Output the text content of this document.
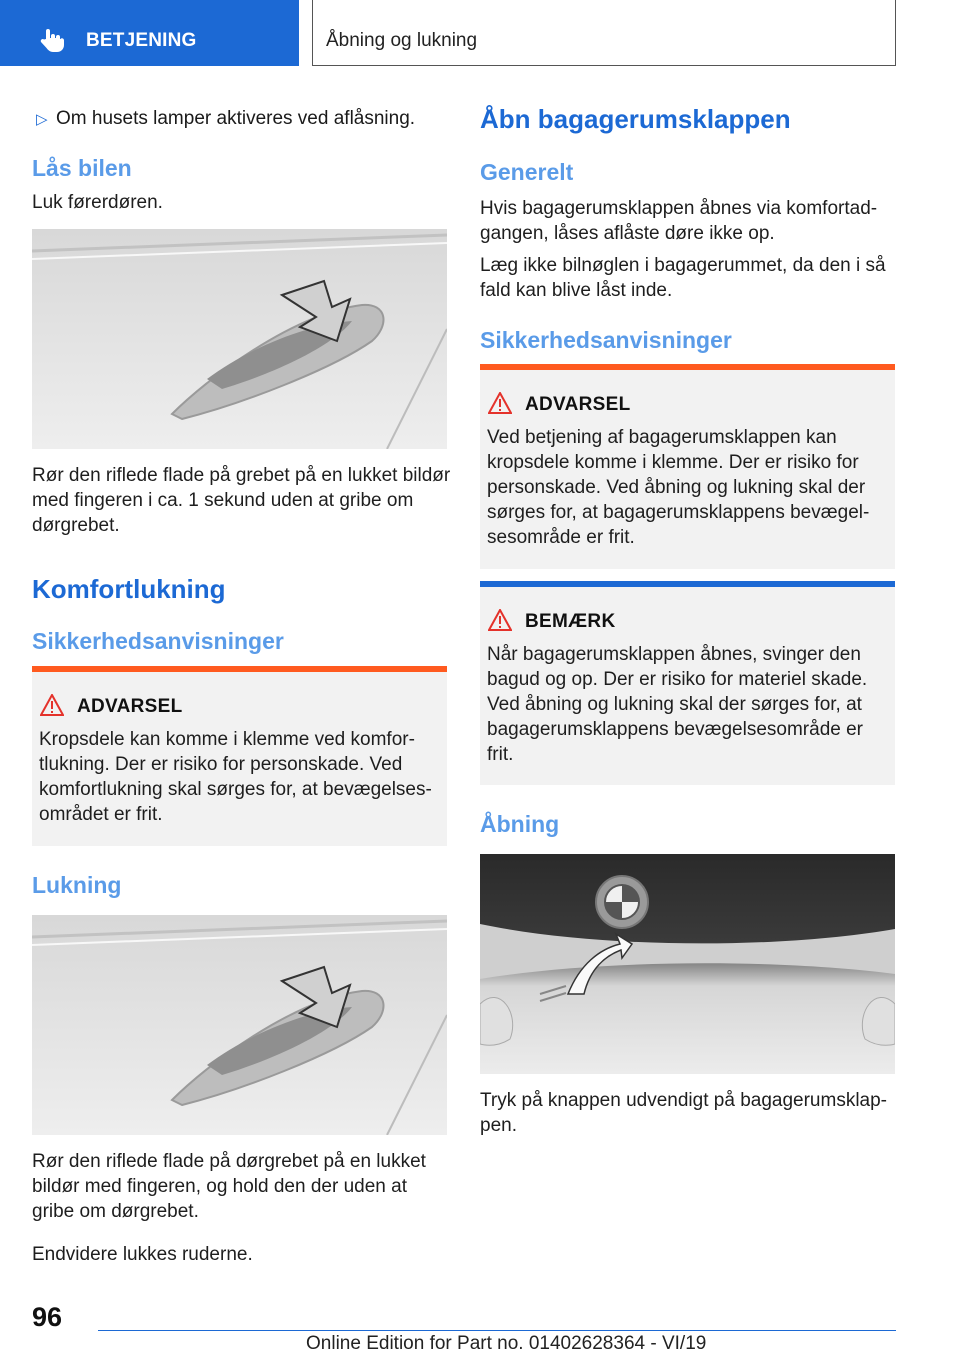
BETJENING	Åbning og lukning
▷ Om husets lamper aktiveres ved aflåsning.
Lås bilen
Luk førerdøren.
Rør den riflede flade på grebet på en lukket bildør med fingeren i ca. 1 sekund uden at gribe om dørgrebet.
Komfortlukning
Sikkerhedsanvisninger
ADVARSEL
Kropsdele kan komme i klemme ved komfortlukning. Der er risiko for personskade. Ved komfortlukning skal sørges for, at bevægelsesområdet er frit.
Lukning
Rør den riflede flade på dørgrebet på en lukket bildør med fingeren, og hold den der uden at gribe om dørgrebet.
Endvidere lukkes ruderne.
Åbn bagagerumsklappen
Generelt
Hvis bagagerumsklappen åbnes via komfortadgangen, låses aflåste døre ikke op.
Læg ikke bilnøglen i bagagerummet, da den i så fald kan blive låst inde.
Sikkerhedsanvisninger
ADVARSEL
Ved betjening af bagagerumsklappen kan kropsdele komme i klemme. Der er risiko for personskade. Ved åbning og lukning skal der sørges for, at bagagerumsklappens bevægelsesområde er frit.
BEMÆRK
Når bagagerumsklappen åbnes, svinger den bagud og op. Der er risiko for materiel skade. Ved åbning og lukning skal der sørges for, at bagagerumsklappens bevægelsesområde er frit.
Åbning
Tryk på knappen udvendigt på bagagerumsklappen.
96
Online Edition for Part no. 01402628364 - VI/19
